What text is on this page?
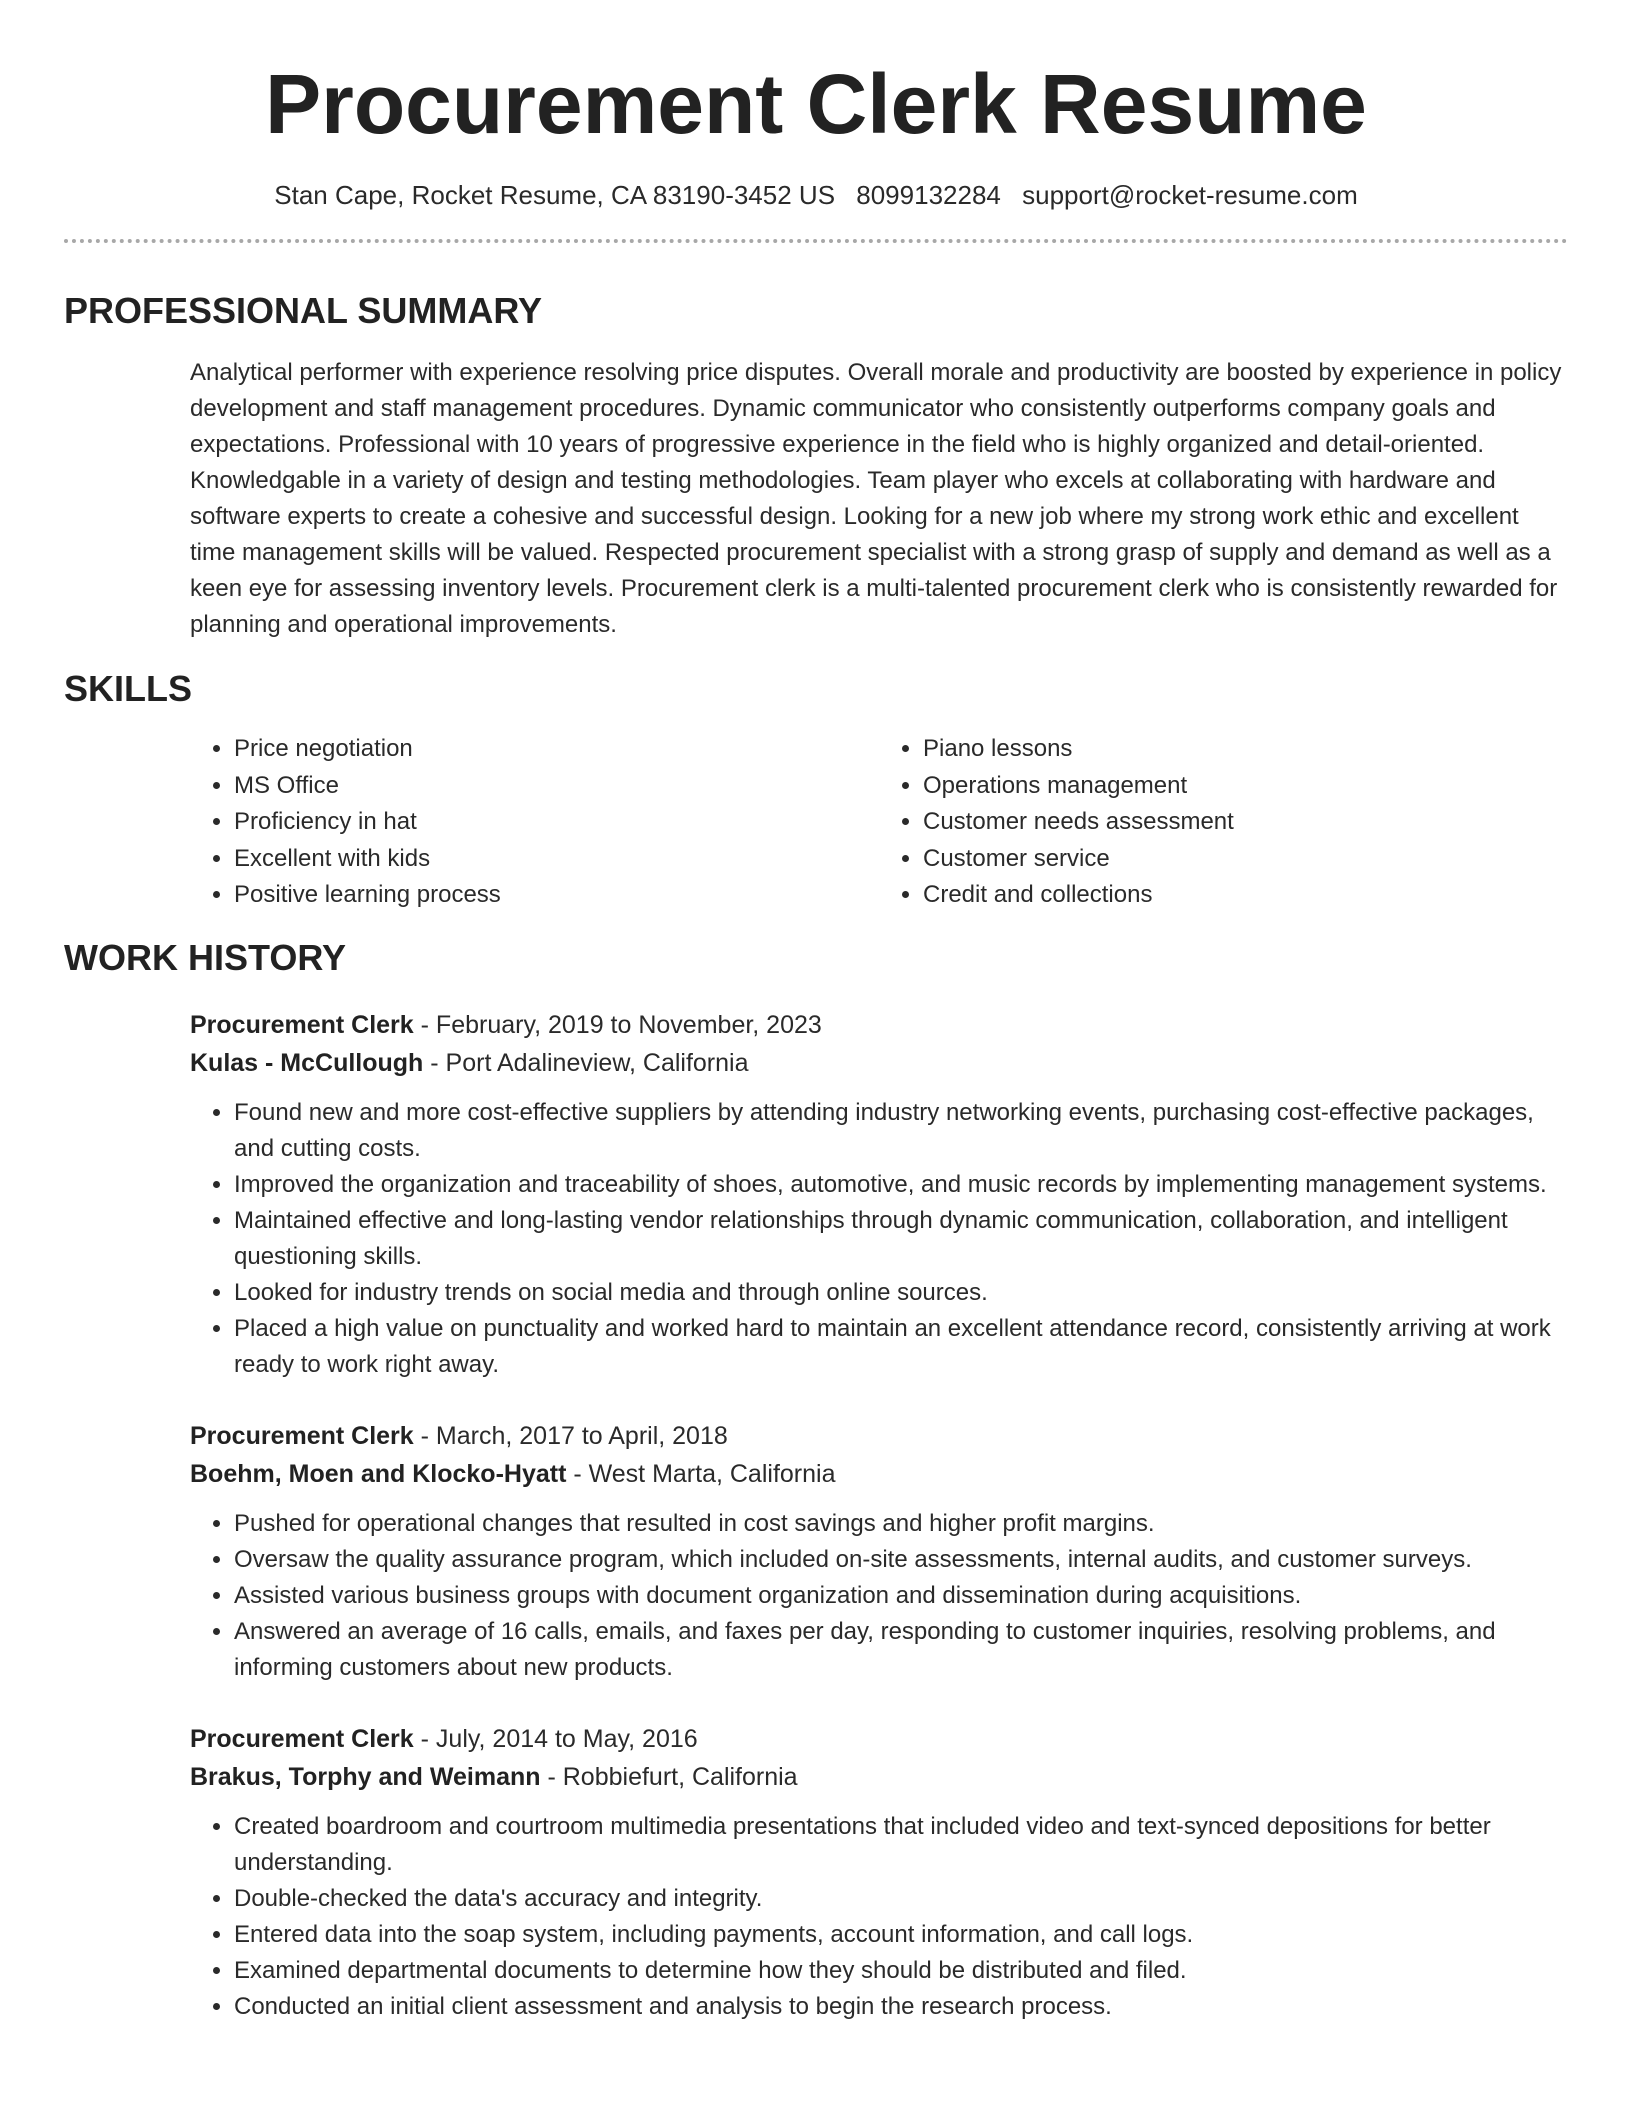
Procurement Clerk Resume
Stan Cape, Rocket Resume, CA 83190-3452 US 8099132284 support@rocket-resume.com
PROFESSIONAL SUMMARY

Analytical performer with experience resolving price disputes. Overall morale and productivity are boosted by experience in policy development and staff management procedures. Dynamic communicator who consistently outperforms company goals and expectations. Professional with 10 years of progressive experience in the field who is highly organized and detail-oriented. Knowledgable in a variety of design and testing methodologies. Team player who excels at collaborating with hardware and software experts to create a cohesive and successful design. Looking for a new job where my strong work ethic and excellent time management skills will be valued. Respected procurement specialist with a strong grasp of supply and demand as well as a keen eye for assessing inventory levels. Procurement clerk is a multi-talented procurement clerk who is consistently rewarded for planning and operational improvements.

SKILLS
• Price negotiation
• MS Office
• Proficiency in hat
• Excellent with kids
• Positive learning process
• Piano lessons
• Operations management
• Customer needs assessment
• Customer service
• Credit and collections
WORK HISTORY
Procurement Clerk - February, 2019 to November, 2023
Kulas - McCullough - Port Adalineview, California
• Found new and more cost-effective suppliers by attending industry networking events, purchasing cost-effective packages, and cutting costs.
• Improved the organization and traceability of shoes, automotive, and music records by implementing management systems.
• Maintained effective and long-lasting vendor relationships through dynamic communication, collaboration, and intelligent questioning skills.
• Looked for industry trends on social media and through online sources.
• Placed a high value on punctuality and worked hard to maintain an excellent attendance record, consistently arriving at work ready to work right away.
Procurement Clerk - March, 2017 to April, 2018
Boehm, Moen and Klocko-Hyatt - West Marta, California
• Pushed for operational changes that resulted in cost savings and higher profit margins.
• Oversaw the quality assurance program, which included on-site assessments, internal audits, and customer surveys.
• Assisted various business groups with document organization and dissemination during acquisitions.
• Answered an average of 16 calls, emails, and faxes per day, responding to customer inquiries, resolving problems, and informing customers about new products.
Procurement Clerk - July, 2014 to May, 2016
Brakus, Torphy and Weimann - Robbiefurt, California
• Created boardroom and courtroom multimedia presentations that included video and text-synced depositions for better understanding.
• Double-checked the data's accuracy and integrity.
• Entered data into the soap system, including payments, account information, and call logs.
• Examined departmental documents to determine how they should be distributed and filed.
• Conducted an initial client assessment and analysis to begin the research process.
